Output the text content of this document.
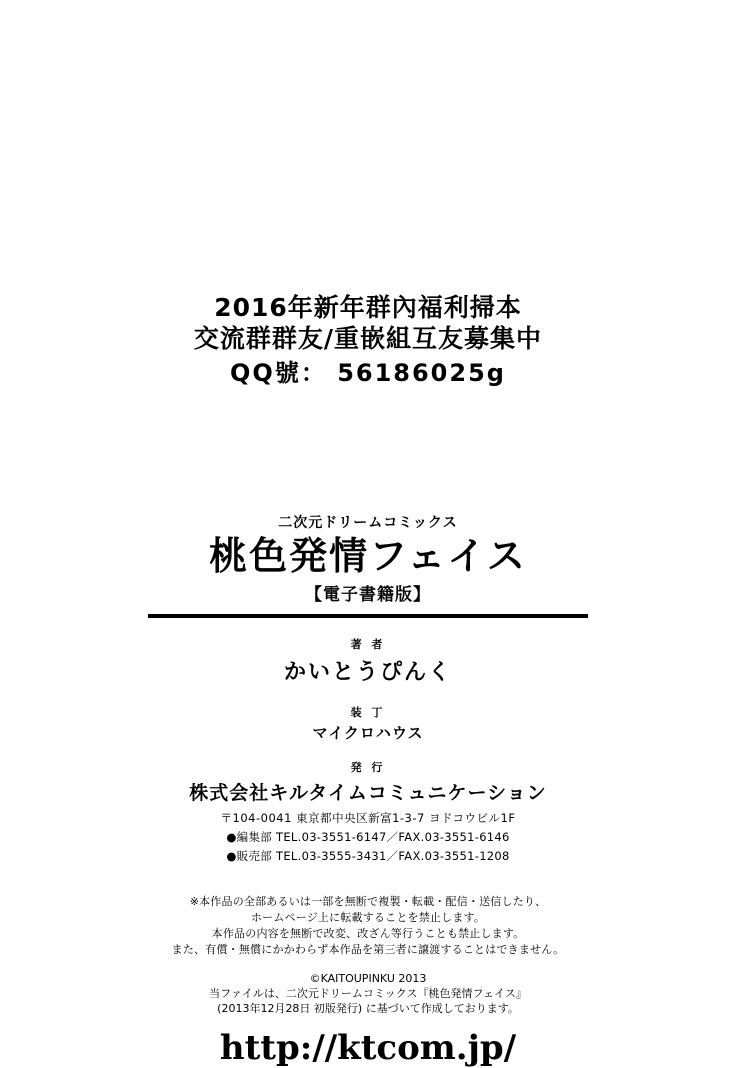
2016年新年群內福利掃本
交流群群友/重嵌組互友募集中
QQ號： 56186025g
二次元ドリームコミックス
桃色発情フェイス
【電子書籍版】
著 者
かいとうぴんく
装 丁
マイクロハウス
発 行
株式会社キルタイムコミュニケーション
〒104-0041 東京都中央区新富1-3-7 ヨドコウビル1F
●編集部 TEL.03-3551-6147／FAX.03-3551-6146
●販売部 TEL.03-3555-3431／FAX.03-3551-1208
※本作品の全部あるいは一部を無断で複製・転載・配信・送信したり、
ホームページ上に転載することを禁止します。
本作品の内容を無断で改変、改ざん等行うことも禁止します。
また、有償・無償にかかわらず本作品を第三者に譲渡することはできません。
©KAITOUPINKU 2013
当ファイルは、二次元ドリームコミックス『桃色発情フェイス』
(2013年12月28日 初版発行) に基づいて作成しております。
http://ktcom.jp/
